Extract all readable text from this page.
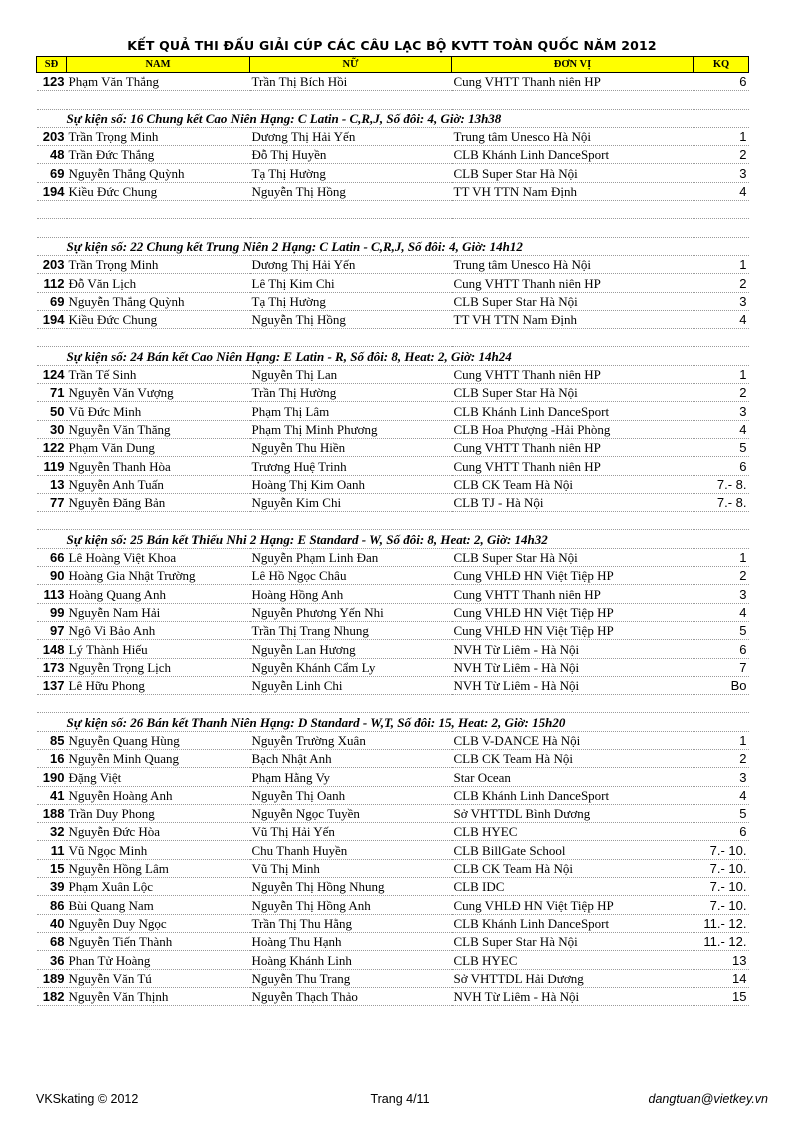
KẾT QUẢ THI ĐẤU GIẢI CÚP CÁC CÂU LẠC BỘ KVTT TOÀN QUỐC NĂM 2012
SĐ	NAM	NỮ	ĐƠN VỊ	KQ
123	Phạm Văn Thắng	Trần Thị Bích Hồi	Cung VHTT Thanh niên HP	6

Sự kiện số: 16 Chung kết Cao Niên Hạng: C Latin - C,R,J, Số đôi: 4, Giờ: 13h38				
203	Trần Trọng Minh	Dương Thị Hải Yến	Trung tâm Unesco Hà Nội	1
48	Trần Đức Thắng	Đỗ Thị Huyền	CLB Khánh Linh DanceSport	2
69	Nguyễn Thắng Quỳnh	Tạ Thị Hường	CLB Super Star Hà Nội	3
194	Kiều Đức Chung	Nguyễn Thị Hồng	TT VH TTN Nam Định	4

Sự kiện số: 22 Chung kết Trung Niên 2 Hạng: C Latin - C,R,J, Số đôi: 4, Giờ: 14h12				
203	Trần Trọng Minh	Dương Thị Hải Yến	Trung tâm Unesco Hà Nội	1
112	Đỗ Văn Lịch	Lê Thị Kim Chi	Cung VHTT Thanh niên HP	2
69	Nguyễn Thắng Quỳnh	Tạ Thị Hường	CLB Super Star Hà Nội	3
194	Kiều Đức Chung	Nguyễn Thị Hồng	TT VH TTN Nam Định	4

Sự kiện số: 24 Bán kết Cao Niên Hạng: E Latin - R, Số đôi: 8, Heat: 2, Giờ: 14h24				
124	Trần Tế Sinh	Nguyễn Thị Lan	Cung VHTT Thanh niên HP	1
71	Nguyễn Văn Vượng	Trần Thị Hường	CLB Super Star Hà Nội	2
50	Vũ Đức Minh	Phạm Thị Lâm	CLB Khánh Linh DanceSport	3
30	Nguyễn Văn Thăng	Phạm Thị Minh Phương	CLB Hoa Phượng -Hải Phòng	4
122	Phạm Văn Dung	Nguyễn Thu Hiền	Cung VHTT Thanh niên HP	5
119	Nguyễn Thanh Hòa	Trương Huệ Trinh	Cung VHTT Thanh niên HP	6
13	Nguyễn Anh Tuấn	Hoàng Thị Kim Oanh	CLB CK Team Hà Nội	7.- 8.
77	Nguyễn Đăng Bản	Nguyễn Kim Chi	CLB TJ - Hà Nội	7.- 8.

Sự kiện số: 25 Bán kết Thiếu Nhi 2 Hạng: E Standard - W, Số đôi: 8, Heat: 2, Giờ: 14h32				
66	Lê Hoàng Việt Khoa	Nguyễn Phạm Linh Đan	CLB Super Star Hà Nội	1
90	Hoàng Gia Nhật Trường	Lê Hồ Ngọc Châu	Cung VHLĐ HN Việt Tiệp HP	2
113	Hoàng Quang Anh	Hoàng Hồng Anh	Cung VHTT Thanh niên HP	3
99	Nguyễn Nam Hải	Nguyễn Phương Yến Nhi	Cung VHLĐ HN Việt Tiệp HP	4
97	Ngô Vi Bảo Anh	Trần Thị Trang Nhung	Cung VHLĐ HN Việt Tiệp HP	5
148	Lý Thành Hiếu	Nguyễn Lan Hương	NVH Từ Liêm - Hà Nội	6
173	Nguyễn Trọng Lịch	Nguyễn Khánh Cẩm Ly	NVH Từ Liêm - Hà Nội	7
137	Lê Hữu Phong	Nguyễn Linh Chi	NVH Từ Liêm - Hà Nội	Bo

Sự kiện số: 26 Bán kết Thanh Niên Hạng: D Standard - W,T, Số đôi: 15, Heat: 2, Giờ: 15h20				
85	Nguyễn Quang Hùng	Nguyễn Trường Xuân	CLB V-DANCE Hà Nội	1
16	Nguyễn Minh Quang	Bạch Nhật Anh	CLB CK Team Hà Nội	2
190	Đặng Việt	Phạm Hằng Vy	Star Ocean	3
41	Nguyễn Hoàng Anh	Nguyễn Thị Oanh	CLB Khánh Linh DanceSport	4
188	Trần Duy Phong	Nguyễn Ngọc Tuyền	Sở VHTTDL Bình Dương	5
32	Nguyễn Đức Hòa	Vũ Thị Hải Yến	CLB HYEC	6
11	Vũ Ngọc Minh	Chu Thanh Huyền	CLB BillGate School	7.- 10.
15	Nguyễn Hồng Lâm	Vũ Thị Minh	CLB CK Team Hà Nội	7.- 10.
39	Phạm Xuân Lộc	Nguyễn Thị Hồng Nhung	CLB IDC	7.- 10.
86	Bùi Quang Nam	Nguyễn Thị Hồng Anh	Cung VHLĐ HN Việt Tiệp HP	7.- 10.
40	Nguyễn Duy Ngọc	Trần Thị Thu Hằng	CLB Khánh Linh DanceSport	11.- 12.
68	Nguyễn Tiến Thành	Hoàng Thu Hạnh	CLB Super Star Hà Nội	11.- 12.
36	Phan Tử Hoàng	Hoàng Khánh Linh	CLB HYEC	13
189	Nguyễn Văn Tú	Nguyễn Thu Trang	Sở VHTTDL Hải Dương	14
182	Nguyễn Văn Thịnh	Nguyễn Thạch Thảo	NVH Từ Liêm - Hà Nội	15
VKSkating © 2012	Trang 4/11	dangtuan@vietkey.vn
